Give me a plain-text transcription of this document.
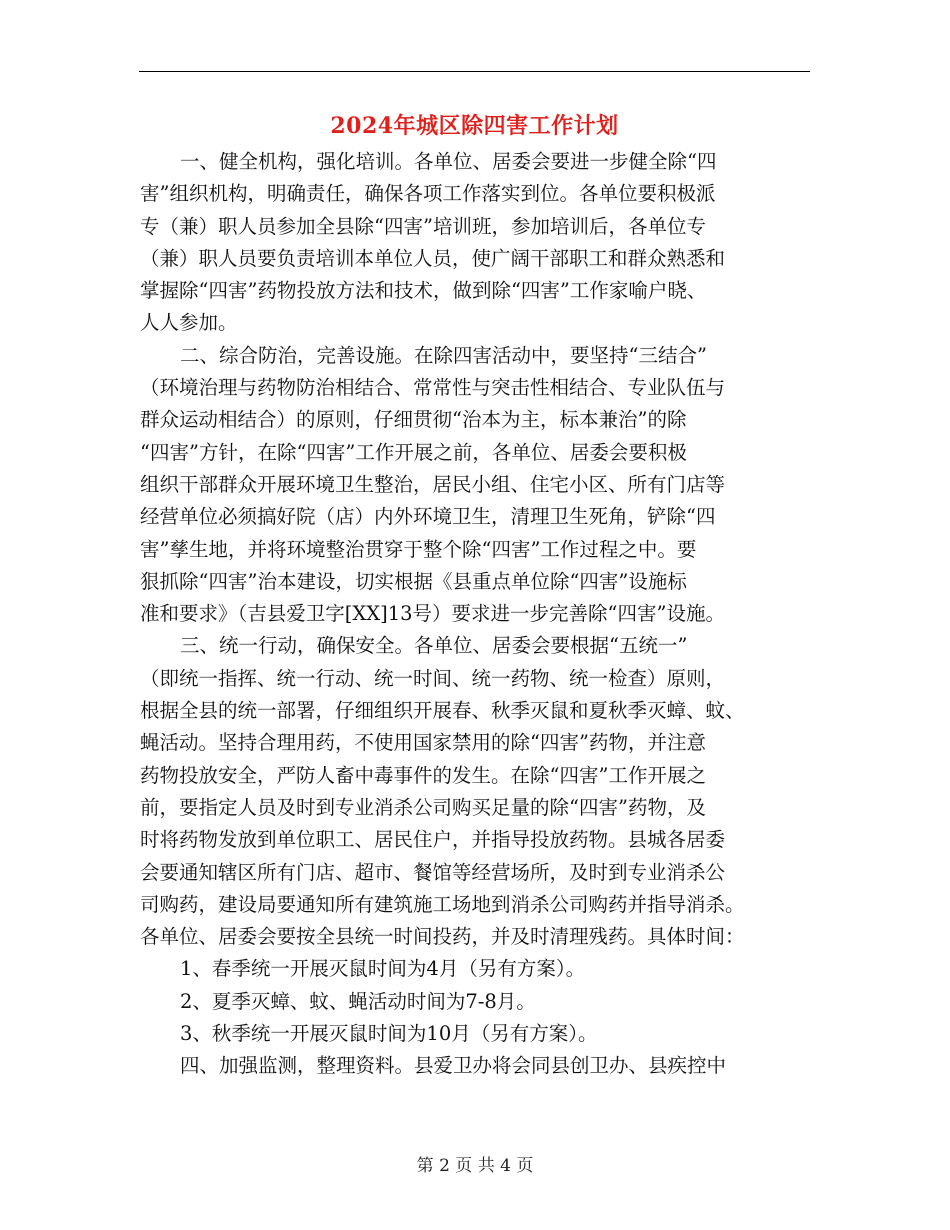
2024年城区除四害工作计划
一、健全机构，强化培训。各单位、居委会要进一步健全除“四
害”组织机构，明确责任，确保各项工作落实到位。各单位要积极派
专（兼）职人员参加全县除“四害”培训班，参加培训后，各单位专
（兼）职人员要负责培训本单位人员，使广阔干部职工和群众熟悉和
掌握除“四害”药物投放方法和技术，做到除“四害”工作家喻户晓、
人人参加。
二、综合防治，完善设施。在除四害活动中，要坚持“三结合”
（环境治理与药物防治相结合、常常性与突击性相结合、专业队伍与
群众运动相结合）的原则，仔细贯彻“治本为主，标本兼治”的除
“四害”方针，在除“四害”工作开展之前，各单位、居委会要积极
组织干部群众开展环境卫生整治，居民小组、住宅小区、所有门店等
经营单位必须搞好院（店）内外环境卫生，清理卫生死角，铲除“四
害”孳生地，并将环境整治贯穿于整个除“四害”工作过程之中。要
狠抓除“四害”治本建设，切实根据《县重点单位除“四害”设施标
准和要求》（吉县爱卫字[XX]13号）要求进一步完善除“四害”设施。
三、统一行动，确保安全。各单位、居委会要根据“五统一”
（即统一指挥、统一行动、统一时间、统一药物、统一检查）原则，
根据全县的统一部署，仔细组织开展春、秋季灭鼠和夏秋季灭蟑、蚊、
蝇活动。坚持合理用药，不使用国家禁用的除“四害”药物，并注意
药物投放安全，严防人畜中毒事件的发生。在除“四害”工作开展之
前，要指定人员及时到专业消杀公司购买足量的除“四害”药物，及
时将药物发放到单位职工、居民住户，并指导投放药物。县城各居委
会要通知辖区所有门店、超市、餐馆等经营场所，及时到专业消杀公
司购药，建设局要通知所有建筑施工场地到消杀公司购药并指导消杀。
各单位、居委会要按全县统一时间投药，并及时清理残药。具体时间：
1、春季统一开展灭鼠时间为4月（另有方案）。
2、夏季灭蟑、蚊、蝇活动时间为7-8月。
3、秋季统一开展灭鼠时间为10月（另有方案）。
四、加强监测，整理资料。县爱卫办将会同县创卫办、县疾控中
第 2 页 共 4 页
